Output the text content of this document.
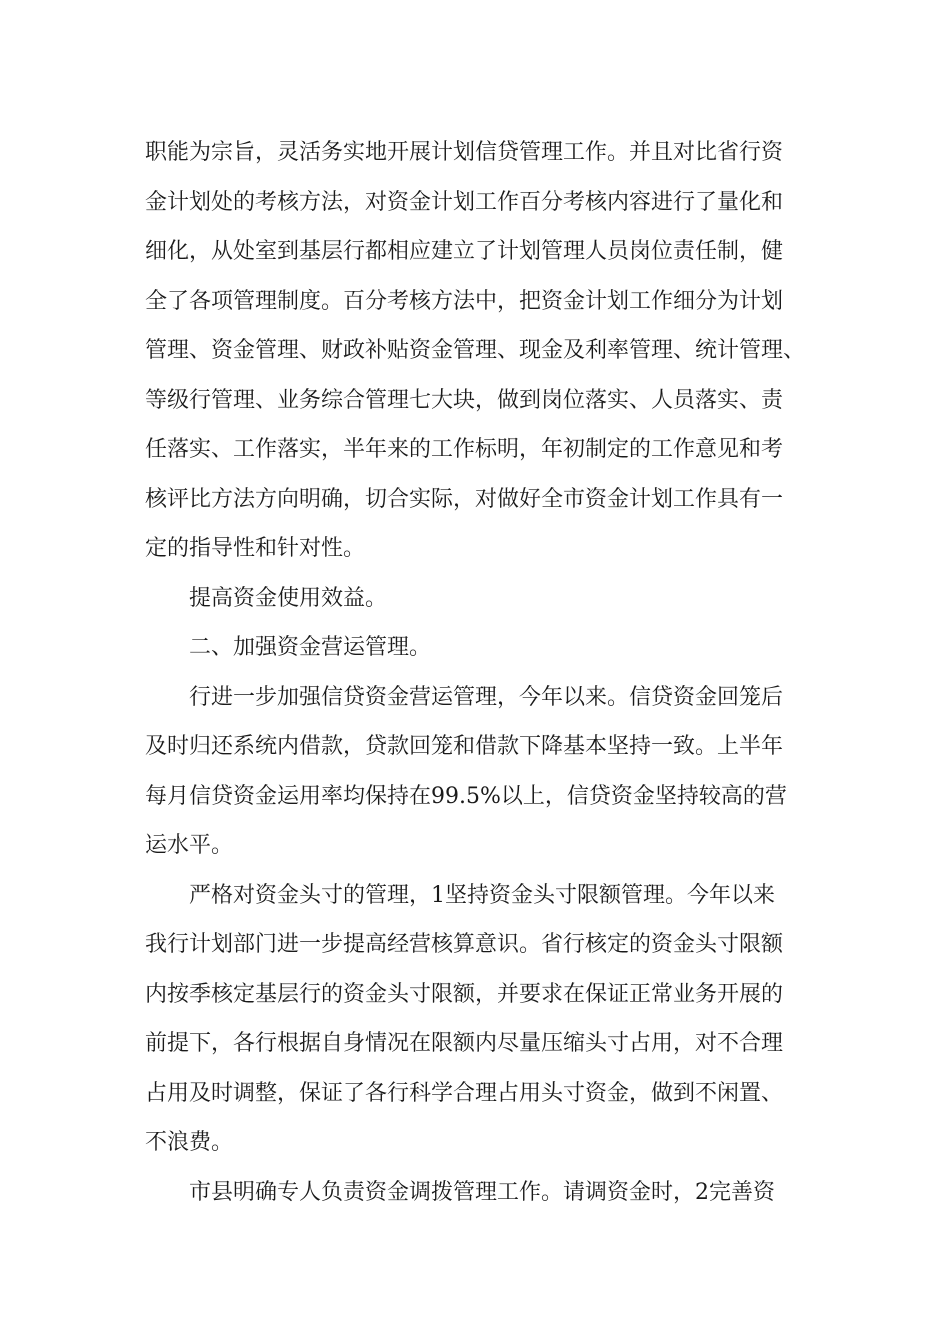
职能为宗旨，灵活务实地开展计划信贷管理工作。并且对比省行资
金计划处的考核方法，对资金计划工作百分考核内容进行了量化和
细化，从处室到基层行都相应建立了计划管理人员岗位责任制，健
全了各项管理制度。百分考核方法中，把资金计划工作细分为计划
管理、资金管理、财政补贴资金管理、现金及利率管理、统计管理、
等级行管理、业务综合管理七大块，做到岗位落实、人员落实、责
任落实、工作落实，半年来的工作标明，年初制定的工作意见和考
核评比方法方向明确，切合实际，对做好全市资金计划工作具有一
定的指导性和针对性。
提高资金使用效益。
二、加强资金营运管理。
行进一步加强信贷资金营运管理，今年以来。信贷资金回笼后
及时归还系统内借款，贷款回笼和借款下降基本坚持一致。上半年
每月信贷资金运用率均保持在99.5%以上，信贷资金坚持较高的营
运水平。
严格对资金头寸的管理，1坚持资金头寸限额管理。今年以来
我行计划部门进一步提高经营核算意识。省行核定的资金头寸限额
内按季核定基层行的资金头寸限额，并要求在保证正常业务开展的
前提下，各行根据自身情况在限额内尽量压缩头寸占用，对不合理
占用及时调整，保证了各行科学合理占用头寸资金，做到不闲置、
不浪费。
市县明确专人负责资金调拨管理工作。请调资金时，2完善资
